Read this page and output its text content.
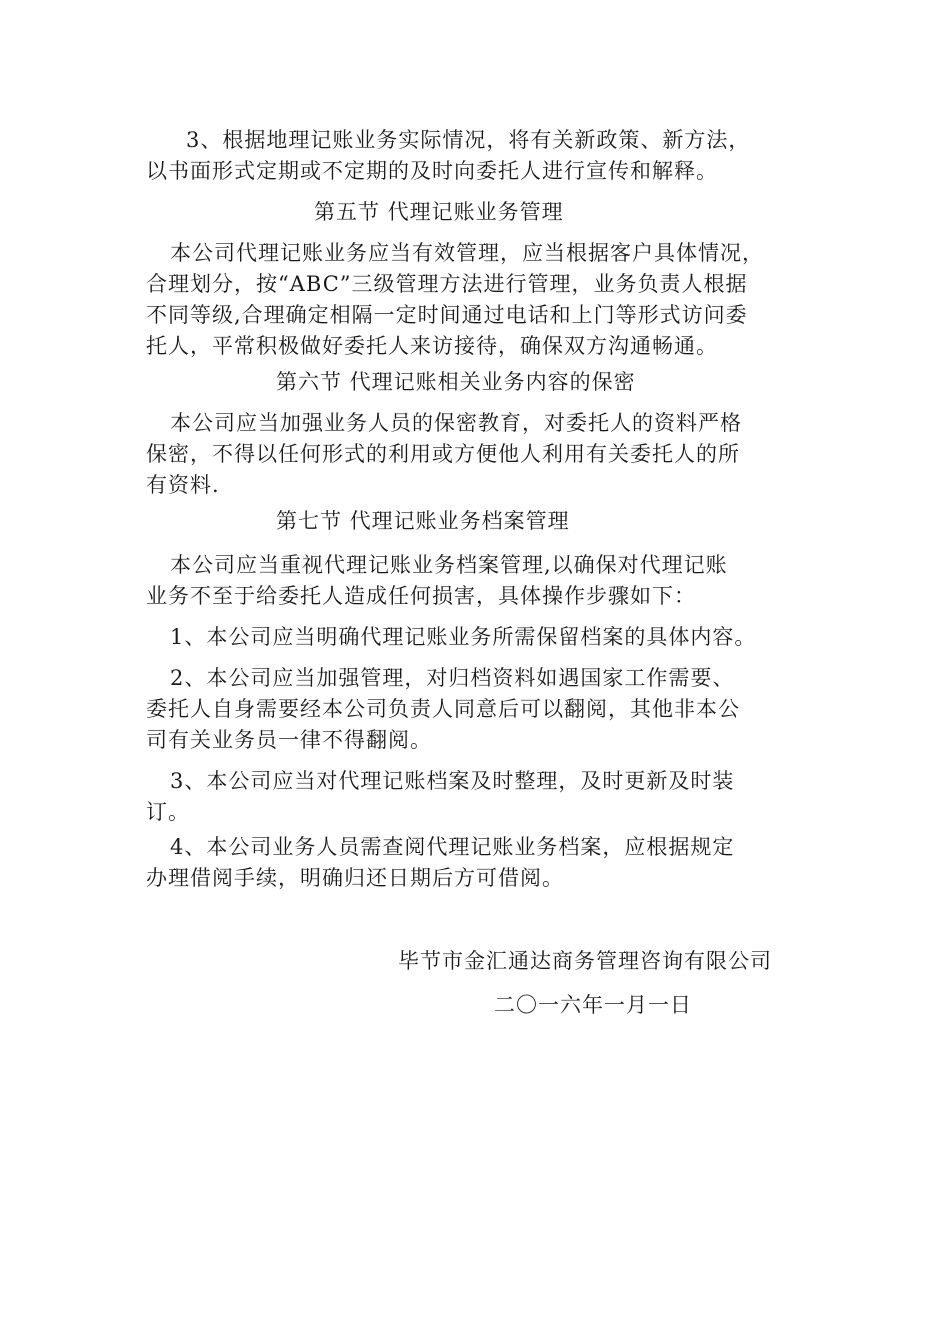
3、根据地理记账业务实际情况，将有关新政策、新方法，
以书面形式定期或不定期的及时向委托人进行宣传和解释。
第五节 代理记账业务管理
本公司代理记账业务应当有效管理，应当根据客户具体情况，
合理划分，按“ABC”三级管理方法进行管理，业务负责人根据
不同等级,合理确定相隔一定时间通过电话和上门等形式访问委
托人，平常积极做好委托人来访接待，确保双方沟通畅通。
第六节 代理记账相关业务内容的保密
本公司应当加强业务人员的保密教育，对委托人的资料严格
保密，不得以任何形式的利用或方便他人利用有关委托人的所
有资料.
第七节 代理记账业务档案管理
本公司应当重视代理记账业务档案管理,以确保对代理记账
业务不至于给委托人造成任何损害，具体操作步骤如下：
1、本公司应当明确代理记账业务所需保留档案的具体内容。
2、本公司应当加强管理，对归档资料如遇国家工作需要、
委托人自身需要经本公司负责人同意后可以翻阅，其他非本公
司有关业务员一律不得翻阅。
3、本公司应当对代理记账档案及时整理，及时更新及时装
订。
4、本公司业务人员需查阅代理记账业务档案，应根据规定
办理借阅手续，明确归还日期后方可借阅。
毕节市金汇通达商务管理咨询有限公司
二〇一六年一月一日
